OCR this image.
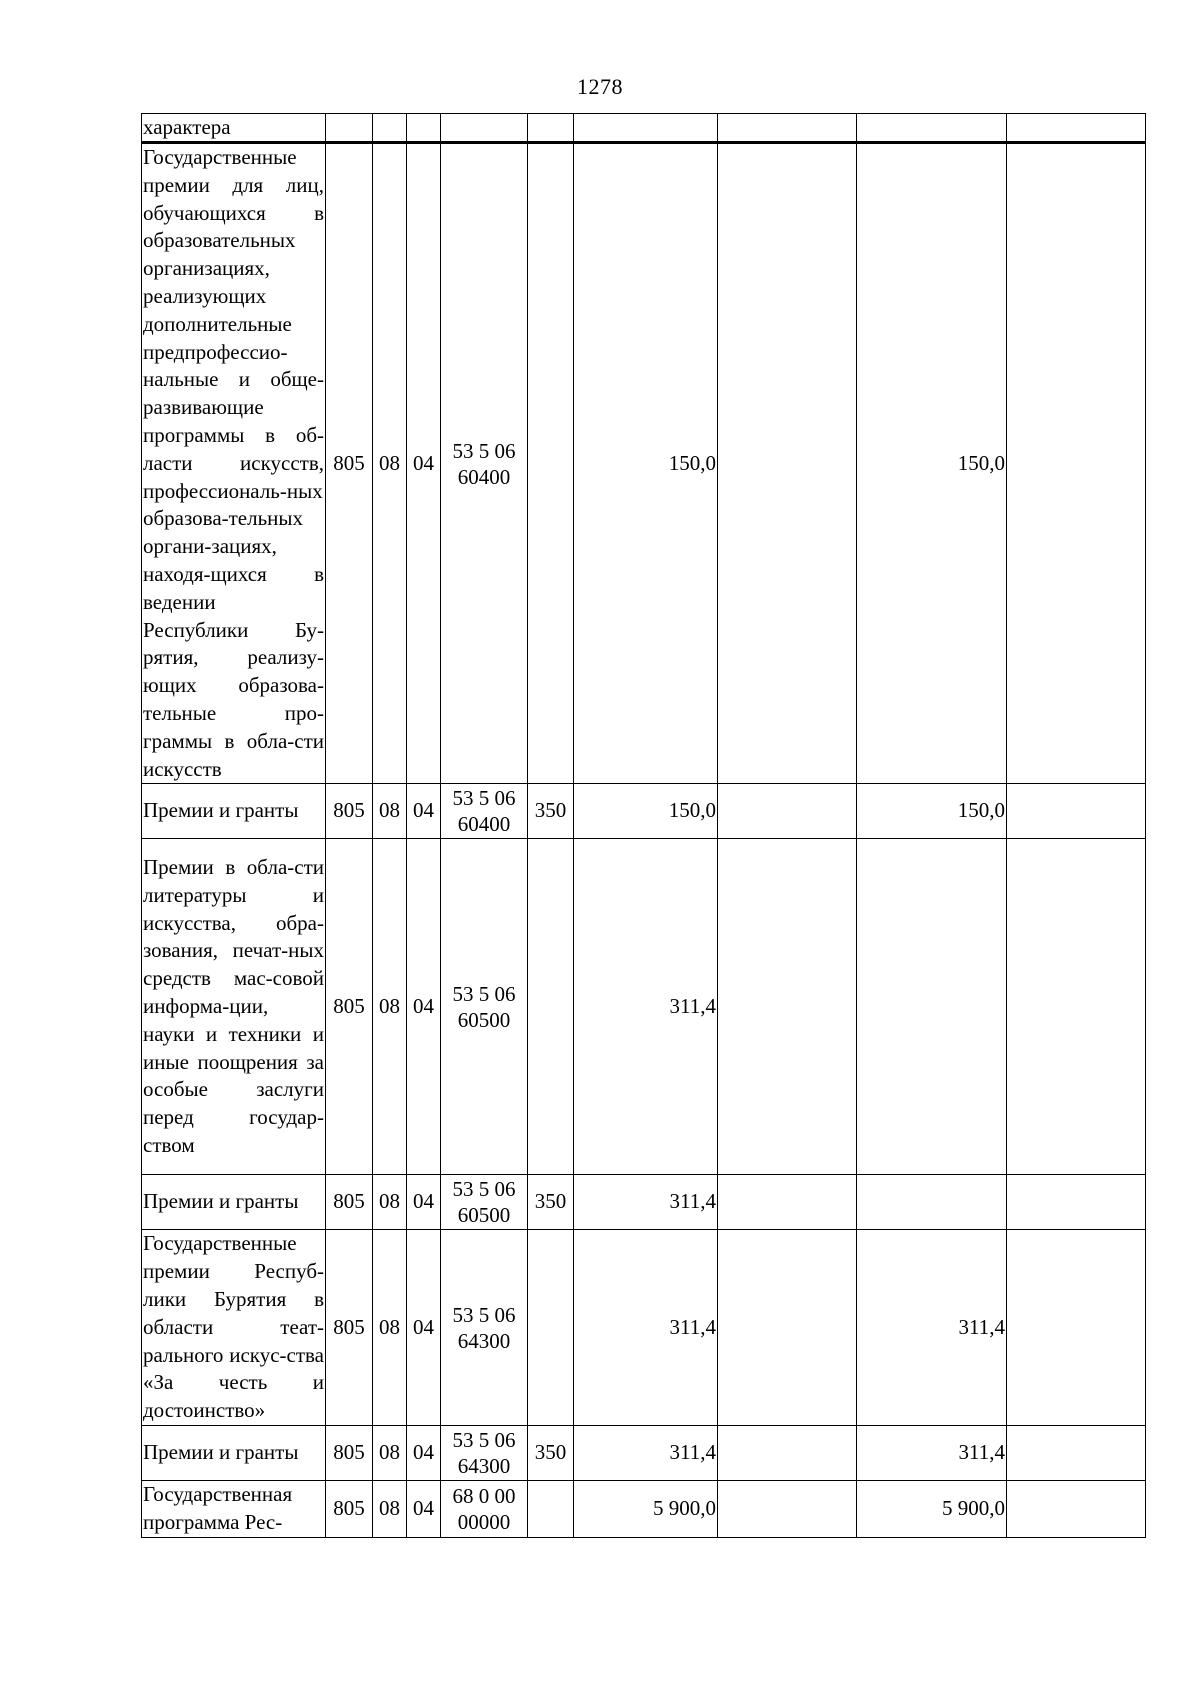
1278
характера									
Государственные премии для лиц, обучающихся в образовательных организациях, реализующих дополнительные предпрофессио-нальные и обще-развивающие программы в об-ласти искусств, профессиональ-ных образова-тельных органи-зациях, находя-щихся в ведении Республики Бу-рятия, реализу-ющих образова-тельные про-граммы в обла-сти искусств	805	08	04	53 5 06 60400		150,0		150,0	
Премии и гранты	805	08	04	53 5 06 60400	350	150,0		150,0	
Премии в обла-сти литературы и искусства, обра-зования, печат-ных средств мас-совой информа-ции, науки и техники и иные поощрения за особые заслуги перед государ-ством	805	08	04	53 5 06 60500		311,4			
Премии и гранты	805	08	04	53 5 06 60500	350	311,4			
Государственные премии Респуб-лики Бурятия в области теат-рального искус-ства «За честь и достоинство»	805	08	04	53 5 06 64300		311,4		311,4	
Премии и гранты	805	08	04	53 5 06 64300	350	311,4		311,4	
Государственная программа Рес-	805	08	04	68 0 00 00000		5 900,0		5 900,0	
